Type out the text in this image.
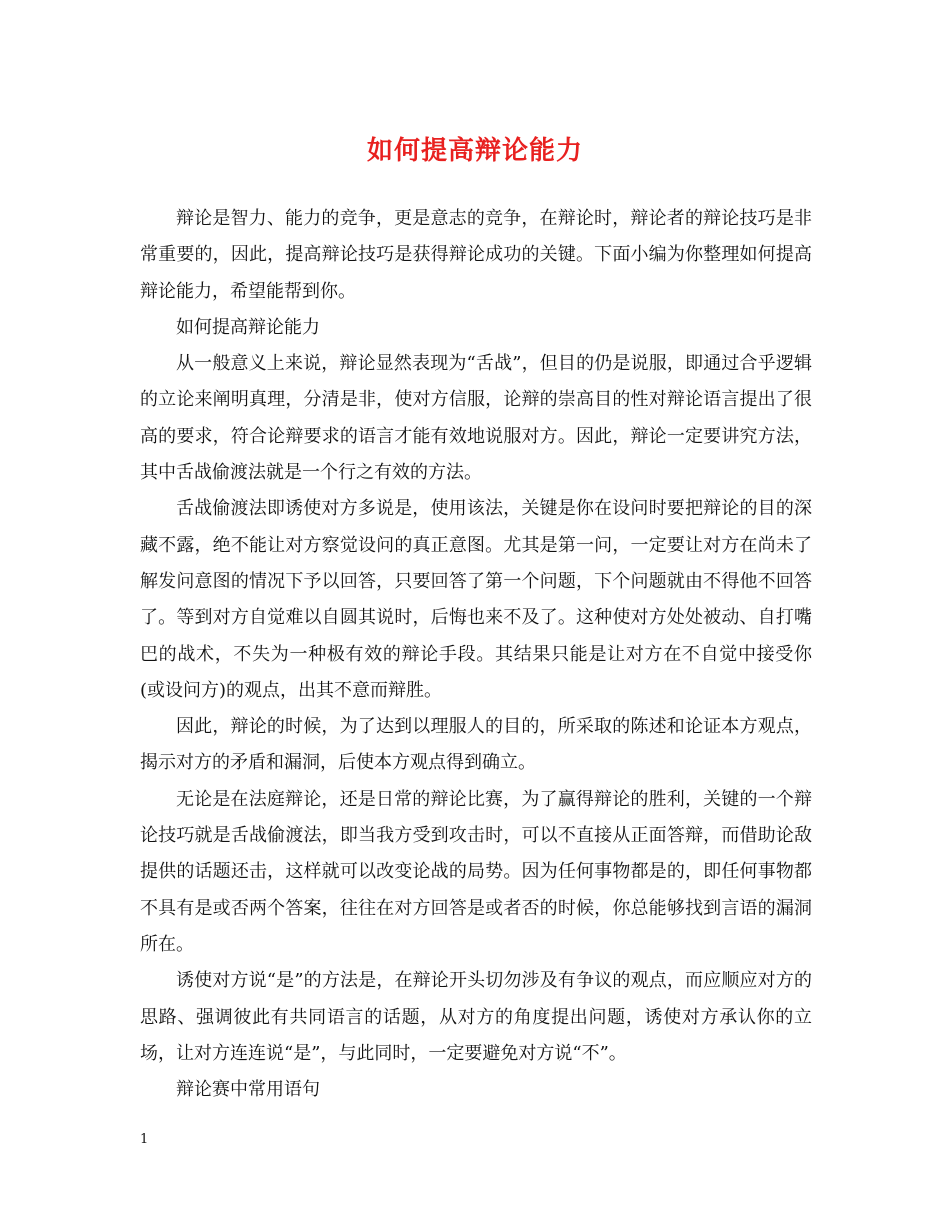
如何提高辩论能力

辩论是智力、能力的竞争，更是意志的竞争，在辩论时，辩论者的辩论技巧是非常重要的，因此，提高辩论技巧是获得辩论成功的关键。下面小编为你整理如何提高辩论能力，希望能帮到你。

如何提高辩论能力

从一般意义上来说，辩论显然表现为“舌战”，但目的仍是说服，即通过合乎逻辑的立论来阐明真理，分清是非，使对方信服，论辩的崇高目的性对辩论语言提出了很高的要求，符合论辩要求的语言才能有效地说服对方。因此，辩论一定要讲究方法，其中舌战偷渡法就是一个行之有效的方法。

舌战偷渡法即诱使对方多说是，使用该法，关键是你在设问时要把辩论的目的深藏不露，绝不能让对方察觉设问的真正意图。尤其是第一问，一定要让对方在尚未了解发问意图的情况下予以回答，只要回答了第一个问题，下个问题就由不得他不回答了。等到对方自觉难以自圆其说时，后悔也来不及了。这种使对方处处被动、自打嘴巴的战术，不失为一种极有效的辩论手段。其结果只能是让对方在不自觉中接受你(或设问方)的观点，出其不意而辩胜。

因此，辩论的时候，为了达到以理服人的目的，所采取的陈述和论证本方观点，揭示对方的矛盾和漏洞，后使本方观点得到确立。

无论是在法庭辩论，还是日常的辩论比赛，为了赢得辩论的胜利，关键的一个辩论技巧就是舌战偷渡法，即当我方受到攻击时，可以不直接从正面答辩，而借助论敌提供的话题还击，这样就可以改变论战的局势。因为任何事物都是的，即任何事物都不具有是或否两个答案，往往在对方回答是或者否的时候，你总能够找到言语的漏洞所在。

诱使对方说“是”的方法是，在辩论开头切勿涉及有争议的观点，而应顺应对方的思路、强调彼此有共同语言的话题，从对方的角度提出问题，诱使对方承认你的立场，让对方连连说“是”，与此同时，一定要避免对方说“不”。

辩论赛中常用语句

1
